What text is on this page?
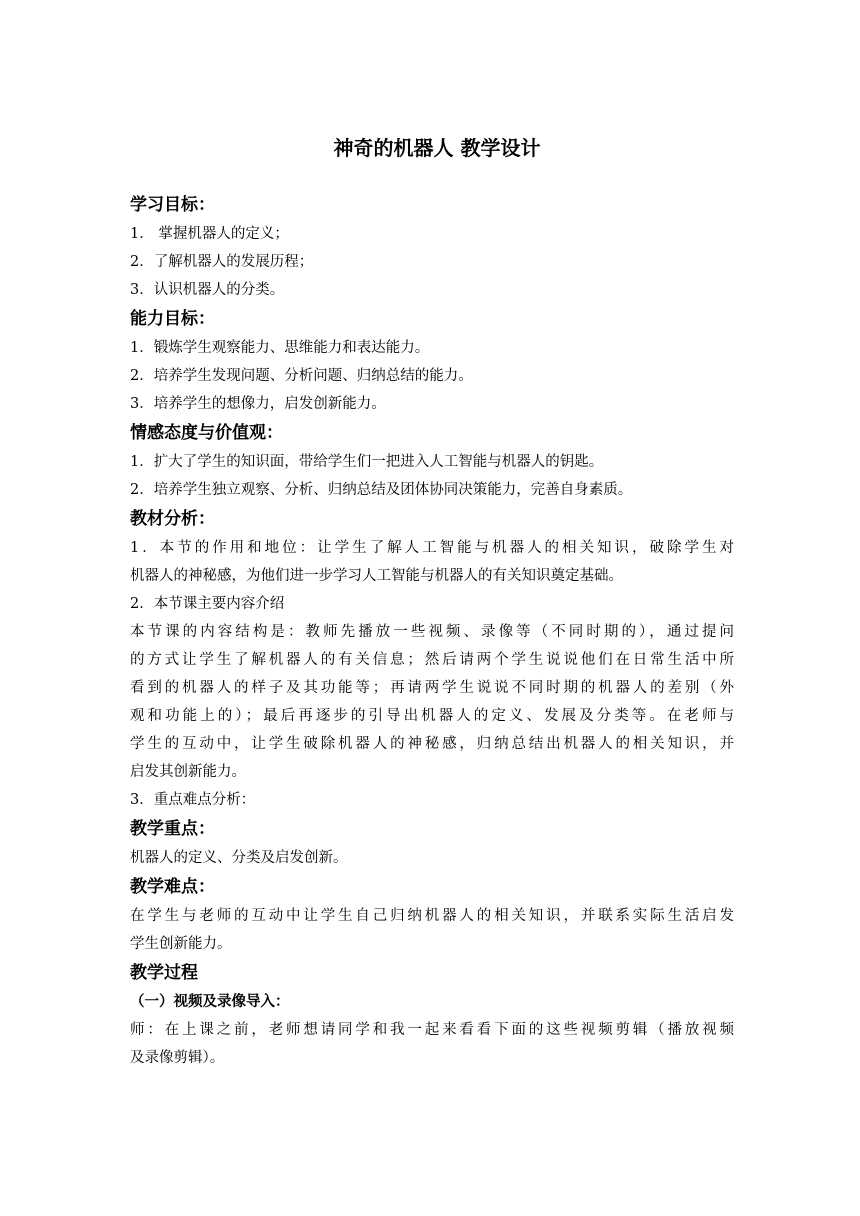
神奇的机器人 教学设计
学习目标：

1． 掌握机器人的定义；

2．了解机器人的发展历程；

3．认识机器人的分类。

能力目标：

1．锻炼学生观察能力、思维能力和表达能力。

2．培养学生发现问题、分析问题、归纳总结的能力。

3．培养学生的想像力，启发创新能力。

情感态度与价值观：

1．扩大了学生的知识面，带给学生们一把进入人工智能与机器人的钥匙。

2．培养学生独立观察、分析、归纳总结及团体协同决策能力，完善自身素质。

教材分析：
1．本节的作用和地位：让学生了解人工智能与机器人的相关知识，破除学生对
机器人的神秘感，为他们进一步学习人工智能与机器人的有关知识奠定基础。

2．本节课主要内容介绍

本节课的内容结构是：教师先播放一些视频、录像等（不同时期的），通过提问
的方式让学生了解机器人的有关信息；然后请两个学生说说他们在日常生活中所
看到的机器人的样子及其功能等；再请两学生说说不同时期的机器人的差别（外
观和功能上的）；最后再逐步的引导出机器人的定义、发展及分类等。在老师与
学生的互动中，让学生破除机器人的神秘感，归纳总结出机器人的相关知识，并
启发其创新能力。

3．重点难点分析：

教学重点：

机器人的定义、分类及启发创新。

教学难点：
在学生与老师的互动中让学生自己归纳机器人的相关知识，并联系实际生活启发
学生创新能力。
教学过程

（一）视频及录像导入：

师：在上课之前，老师想请同学和我一起来看看下面的这些视频剪辑（播放视频
及录像剪辑）。
